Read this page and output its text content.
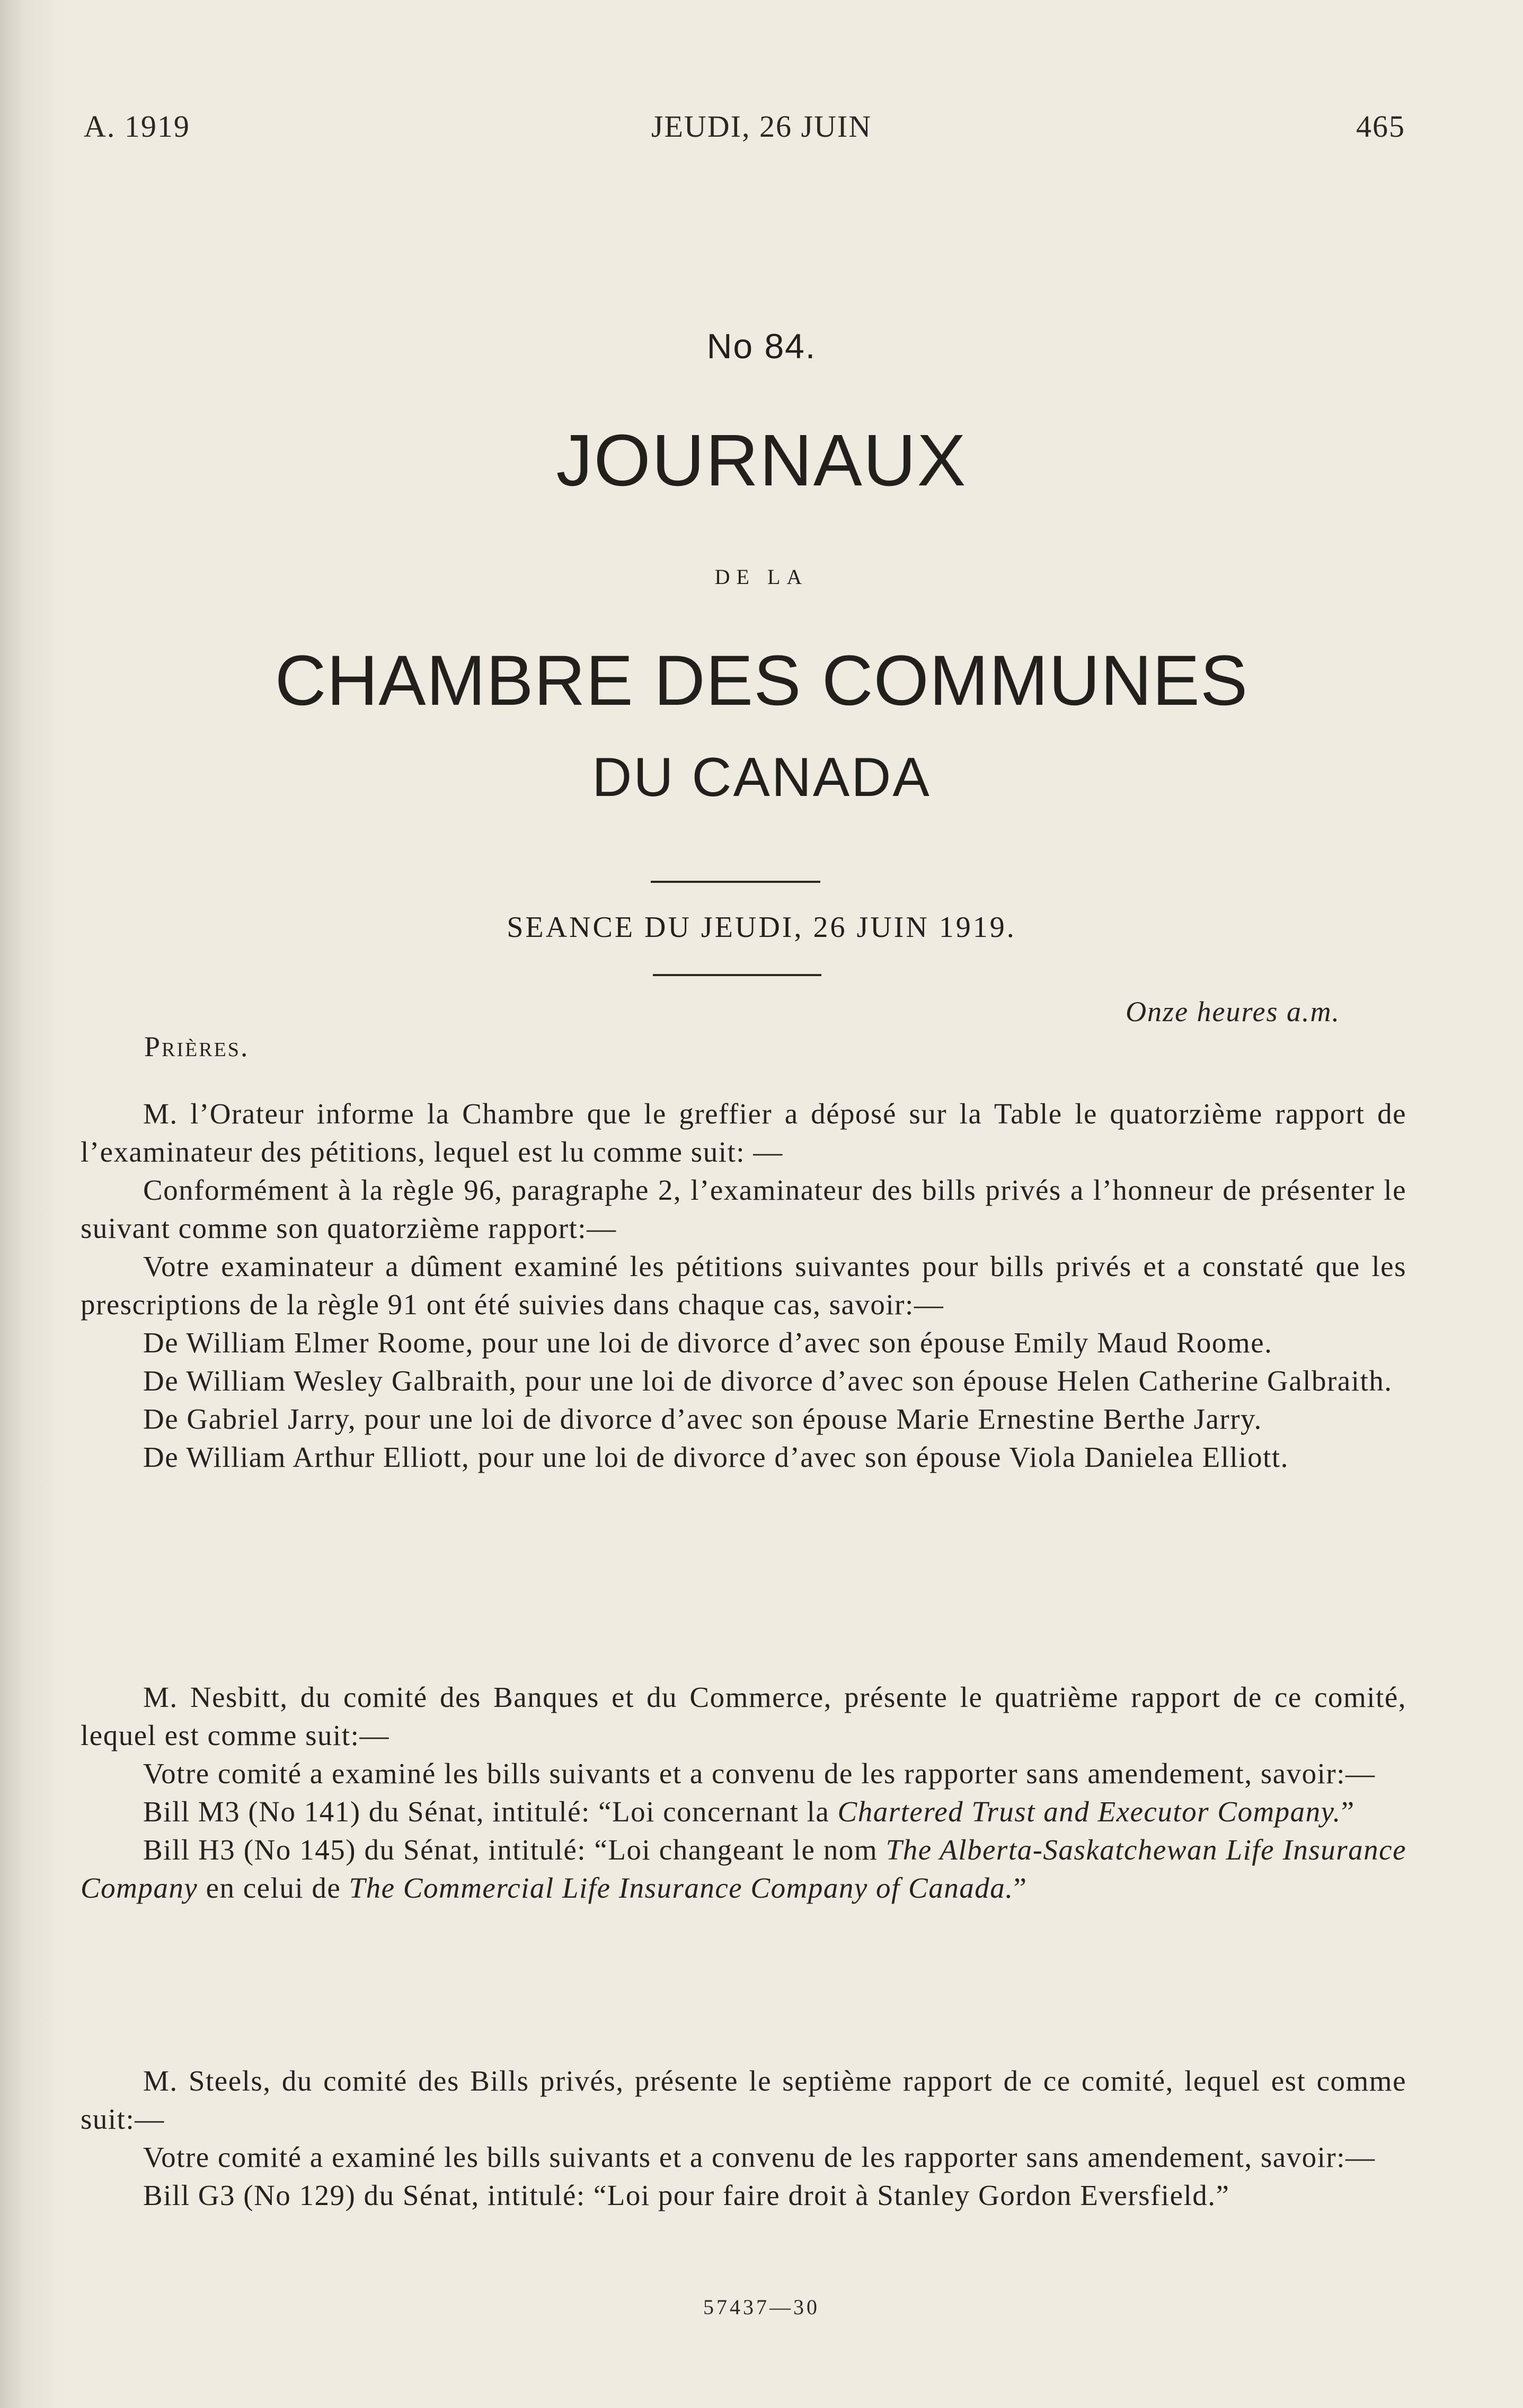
A. 1919	JEUDI, 26 JUIN	465
No 84.
JOURNAUX
DE LA
CHAMBRE DES COMMUNES
DU CANADA
SEANCE DU JEUDI, 26 JUIN 1919.
Onze heures a.m.
Prières.

M. l’Orateur informe la Chambre que le greffier a déposé sur la Table le quatorzième rapport de l’examinateur des pétitions, lequel est lu comme suit: —

Conformément à la règle 96, paragraphe 2, l’examinateur des bills privés a l’honneur de présenter le suivant comme son quatorzième rapport:—

Votre examinateur a dûment examiné les pétitions suivantes pour bills privés et a constaté que les prescriptions de la règle 91 ont été suivies dans chaque cas, savoir:—

De William Elmer Roome, pour une loi de divorce d’avec son épouse Emily Maud Roome.

De William Wesley Galbraith, pour une loi de divorce d’avec son épouse Helen Catherine Galbraith.

De Gabriel Jarry, pour une loi de divorce d’avec son épouse Marie Ernestine Berthe Jarry.

De William Arthur Elliott, pour une loi de divorce d’avec son épouse Viola Danielea Elliott.

M. Nesbitt, du comité des Banques et du Commerce, présente le quatrième rapport de ce comité, lequel est comme suit:—

Votre comité a examiné les bills suivants et a convenu de les rapporter sans amendement, savoir:—

Bill M3 (No 141) du Sénat, intitulé: “Loi concernant la Chartered Trust and Executor Company.”

Bill H3 (No 145) du Sénat, intitulé: “Loi changeant le nom The Alberta-Saskatchewan Life Insurance Company en celui de The Commercial Life Insurance Company of Canada.”

M. Steels, du comité des Bills privés, présente le septième rapport de ce comité, lequel est comme suit:—

Votre comité a examiné les bills suivants et a convenu de les rapporter sans amendement, savoir:—

Bill G3 (No 129) du Sénat, intitulé: “Loi pour faire droit à Stanley Gordon Eversfield.”

57437—30
